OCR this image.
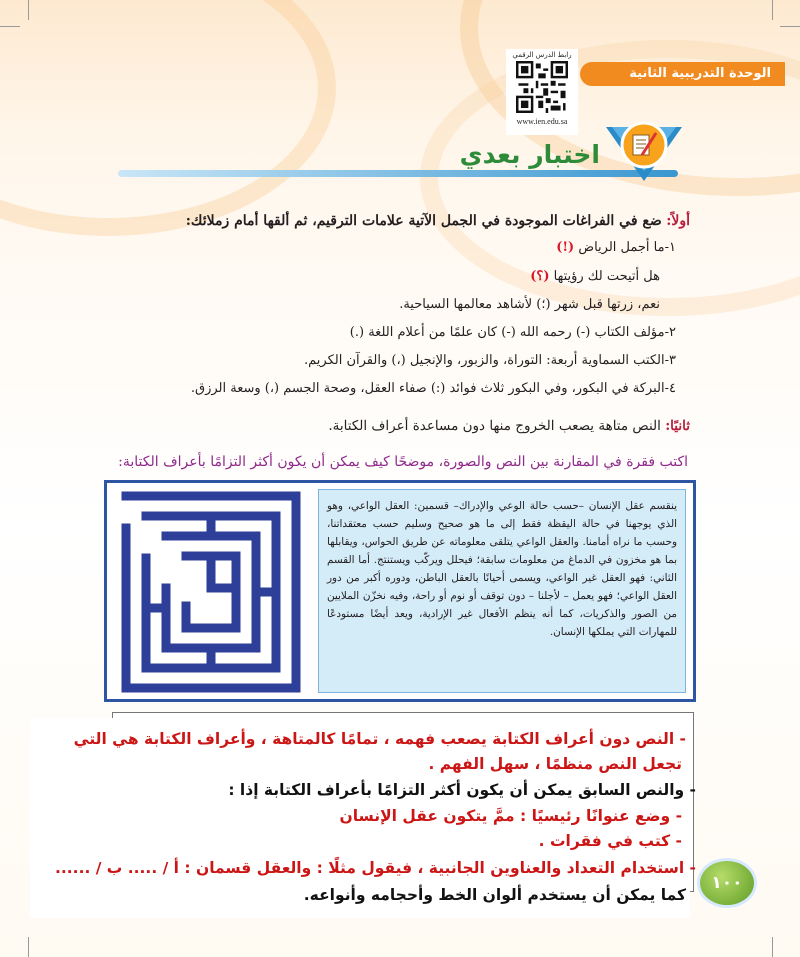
الوحدة التدريبية الثانية
رابط الدرس الرقمي
www.ien.edu.sa
اختبار بعدي
أولاً: ضع في الفراغات الموجودة في الجمل الآتية علامات الترقيم، ثم ألقها أمام زملائك:
١-ما أجمل الرياض (!)
هل أتيحت لك رؤيتها (؟)
نعم، زرتها قبل شهر (؛) لأشاهد معالمها السياحية.
٢-مؤلف الكتاب (-) رحمه الله (-) كان علمًا من أعلام اللغة (.)
٣-الكتب السماوية أربعة: التوراة، والزبور، والإنجيل (،) والقرآن الكريم.
٤-البركة في البكور، وفي البكور ثلاث فوائد (:) صفاء العقل، وصحة الجسم (،) وسعة الرزق.
ثانيًا: النص متاهة يصعب الخروج منها دون مساعدة أعراف الكتابة.
اكتب فقرة في المقارنة بين النص والصورة، موضحًا كيف يمكن أن يكون أكثر التزامًا بأعراف الكتابة:

ينقسم عقل الإنسان –حسب حالة الوعي والإدراك– قسمين: العقل الواعي، وهو الذي يوجهنا في حالة اليقظة فقط إلى ما هو صحيح وسليم حسب معتقداتنا، وحسب ما نراه أمامنا. والعقل الواعي يتلقى معلوماته عن طريق الحواس، ويقابلها بما هو مخزون في الدماغ من معلومات سابقة؛ فيحلل ويركّب ويستنتج. أما القسم الثاني: فهو العقل غير الواعي، ويسمى أحيانًا بالعقل الباطن، ودوره أكبر من دور العقل الواعي؛ فهو يعمل – لأجلنا – دون توقف أو نوم أو راحة، وفيه نخزّن الملايين من الصور والذكريات، كما أنه ينظم الأفعال غير الإرادية، ويعد أيضًا مستودعًا للمهارات التي يملكها الإنسان.

- النص دون أعراف الكتابة يصعب فهمه ، تمامًا كالمتاهة ، وأعراف الكتابة هي التي
تجعل النص منظمًا ، سهل الفهم .
- والنص السابق يمكن أن يكون أكثر التزامًا بأعراف الكتابة إذا :
- وضع عنوانًا رئيسيًا : ممَّ يتكون عقل الإنسان
- كتب في فقرات .
- استخدام التعداد والعناوين الجانبية ، فيقول مثلًا : والعقل قسمان : أ / ..... ب / ......
كما يمكن أن يستخدم ألوان الخط وأحجامه وأنواعه.
١٠٠
